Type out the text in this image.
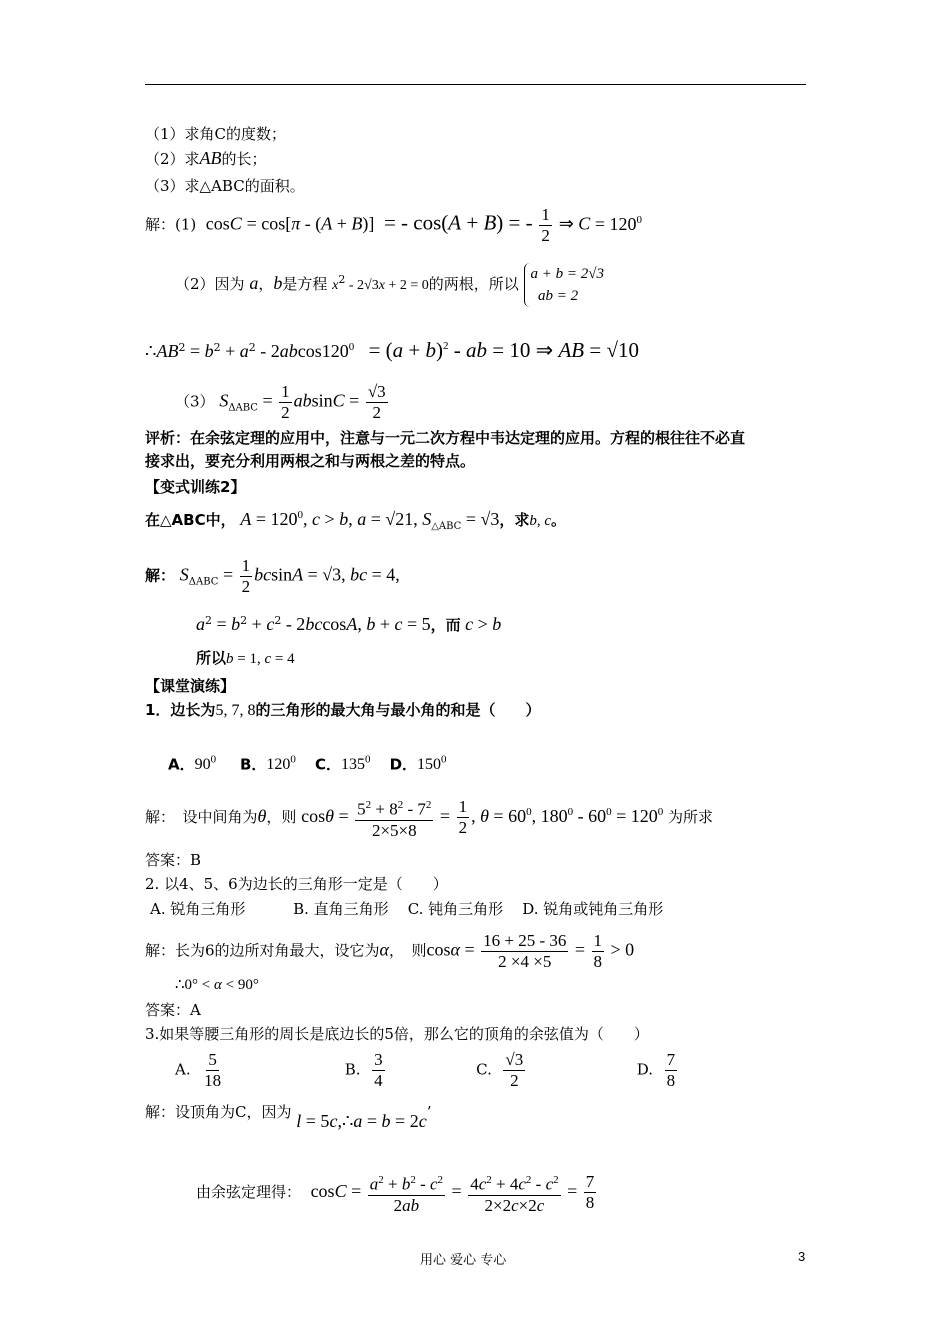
（1）求角C的度数；
（2）求AB的长；
（3）求△ABC的面积。
解：(1) cosC = cos[π - (A + B)] = - cos(A + B) = - $\frac{1}{2}$ ⇒ $C = 120^0$
（2）因为 a，b是方程 $x^2 - 2√3x + 2 = 0$的两根，所以 a + b = 2√3
ab = 2
$\therefore AB^2 = b^2 + a^2 - 2abcos120^0 = (a + b)^2$ - ab = 10 ⇒ AB = √10
（3） $S_{\Delta ABC} = \frac{1}{2}$ $absinC = \frac{√3}{2}$
评析：在余弦定理的应用中，注意与一元二次方程中韦达定理的应用。方程的根往往不必直
接求出，要充分利用两根之和与两根之差的特点。
【变式训练2】
在△ABC中， $A = 120^0$, c > b, a = √21, $S_{\triangle ABC} = √3$，求b, c。
解： $S_{\Delta ABC} = \frac{1}{2}$ bcsinA = √3, bc = 4,
$a^2 = b^2 + c^2 - 2bccosA$, b + c = 5，而 c > b
所以b = 1, c = 4
【课堂演练】
1．边长为5, 7, 8的三角形的最大角与最小角的和是（　　）
A．$90^0$ B．$120^0$ C．$135^0$ D．$150^0$
解：　设中间角为θ，则 $\cos\theta = \frac{5^2 + 8^2 - 7^2}{2\times 5\times 8} = \frac{1}{2}$ , $\theta = 60^0$, $180^0 - 60^0 = 120^0$ 为所求
答案：B
2. 以4、5、6为边长的三角形一定是（　　）
A. 锐角三角形	B. 直角三角形 C. 钝角三角形 D. 锐角或钝角三角形
解：长为6的边所对角最大，设它为α，　则$\cos\alpha = \frac{16 + 25 - 36}{2 \times 4 \times 5} = \frac{1}{8} > 0$
∴0° < α < 90°
答案：A
3.如果等腰三角形的周长是底边长的5倍，那么它的顶角的余弦值为（　　）
A. $\frac{5}{18}$	B. $\frac{3}{4}$	C. $\frac{√3}{2}$	D. $\frac{7}{8}$
解：设顶角为C，因为 l = 5c,∴a = b = 2c’
由余弦定理得： $\cos C = \frac{a^2 + b^2 - c^2}{2ab} = \frac{4c^2 + 4c^2 - c^2}{2\times 2c\times 2c} = \frac{7}{8}$
用心 爱心 专心	3
